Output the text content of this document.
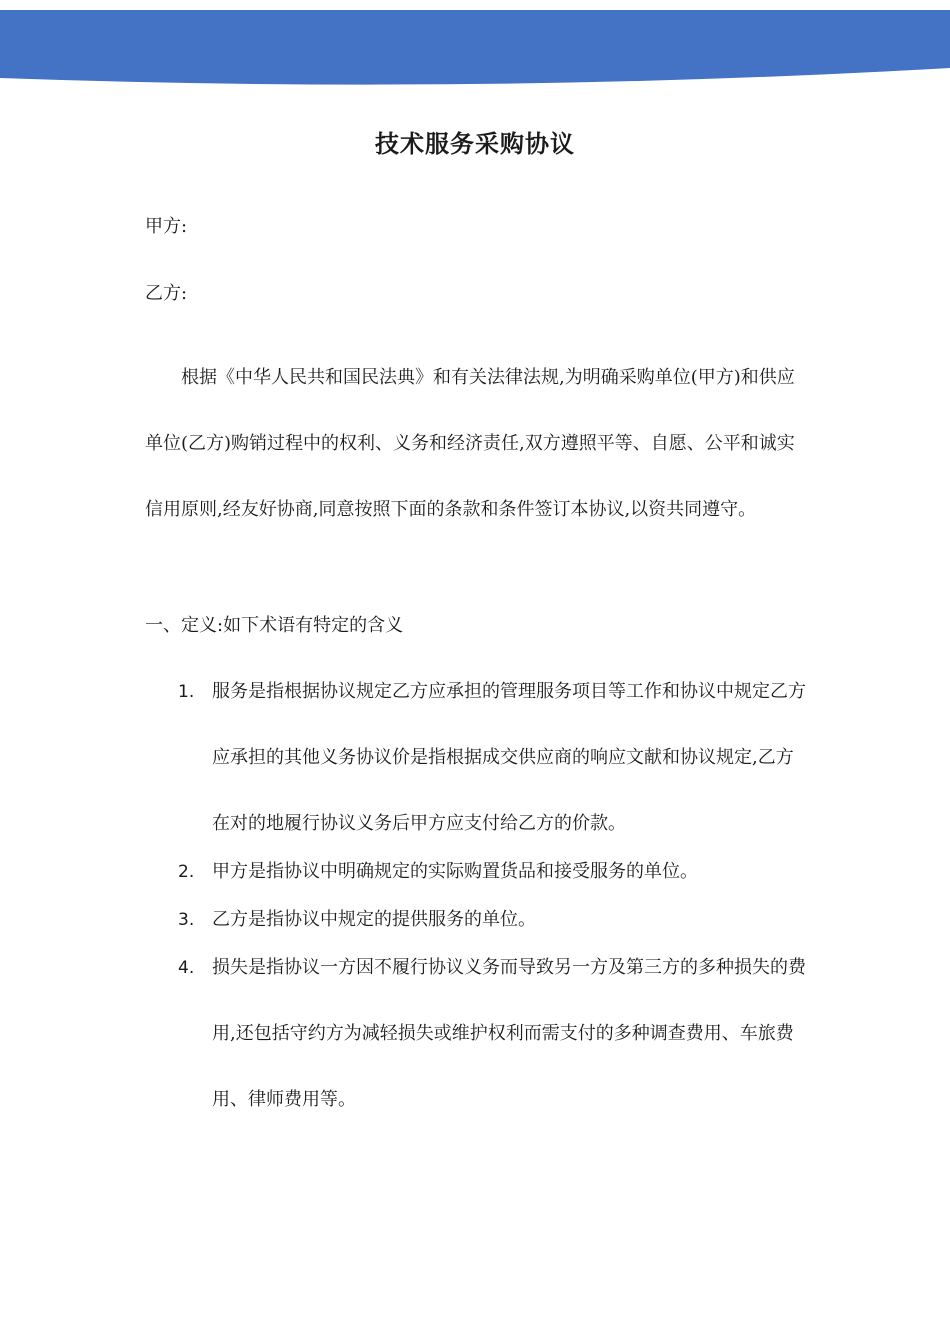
技术服务采购协议
甲方:
乙方:

根据《中华人民共和国民法典》和有关法律法规,为明确采购单位(甲方)和供应单位(乙方)购销过程中的权利、义务和经济责任,双方遵照平等、自愿、公平和诚实信用原则,经友好协商,同意按照下面的条款和条件签订本协议,以资共同遵守。

一、定义:如下术语有特定的含义
1. 服务是指根据协议规定乙方应承担的管理服务项目等工作和协议中规定乙方应承担的其他义务协议价是指根据成交供应商的响应文献和协议规定,乙方在对的地履行协议义务后甲方应支付给乙方的价款。
2. 甲方是指协议中明确规定的实际购置货品和接受服务的单位。
3. 乙方是指协议中规定的提供服务的单位。
4. 损失是指协议一方因不履行协议义务而导致另一方及第三方的多种损失的费用,还包括守约方为减轻损失或维护权利而需支付的多种调查费用、车旅费用、律师费用等。
